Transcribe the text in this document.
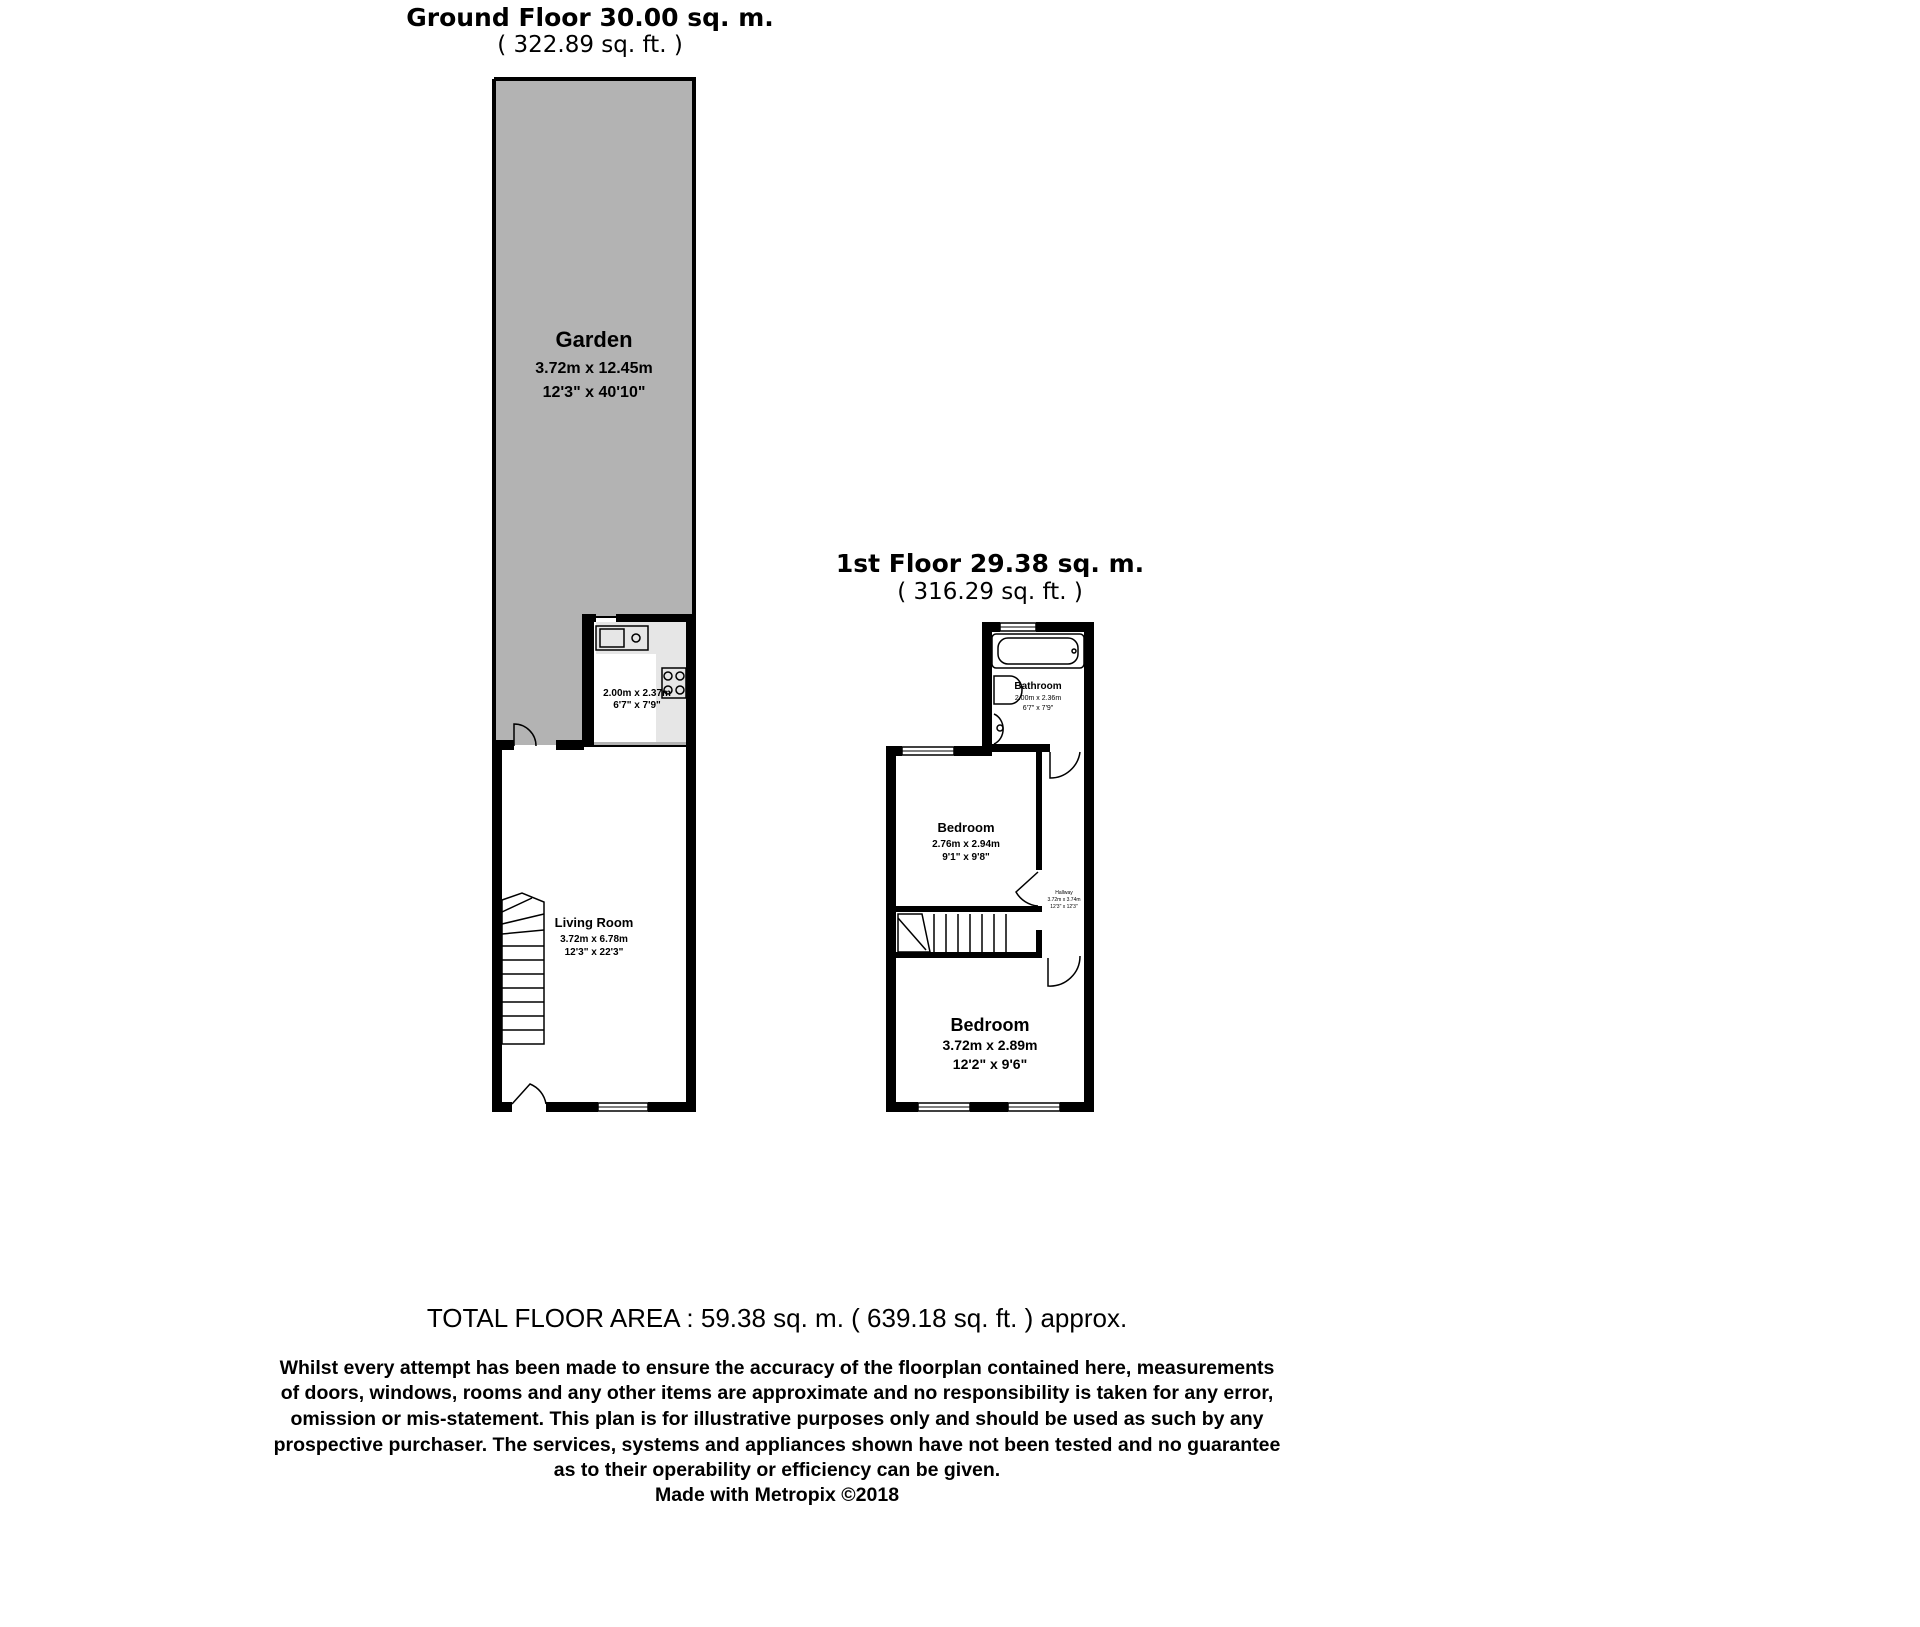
Ground Floor 30.00 sq. m.
( 322.89 sq. ft. )
2.00m x 2.37m
6'7" x 7'9"
Living Room
3.72m x 6.78m
12'3" x 22'3"
Garden
3.72m x 12.45m
12'3" x 40'10"
1st Floor 29.38 sq. m.
( 316.29 sq. ft. )
Bathroom
2.00m x 2.36m
6'7" x 7'9"
Bedroom
2.76m x 2.94m
9'1" x 9'8"
Hallway
3.72m x 3.74m
12'3" x 12'3"
Bedroom
3.72m x 2.89m
12'2" x 9'6"
TOTAL FLOOR AREA : 59.38 sq. m. ( 639.18 sq. ft. ) approx.
Whilst every attempt has been made to ensure the accuracy of the floorplan contained here, measurements
of doors, windows, rooms and any other items are approximate and no responsibility is taken for any error,
omission or mis-statement. This plan is for illustrative purposes only and should be used as such by any
prospective purchaser. The services, systems and appliances shown have not been tested and no guarantee
as to their operability or efficiency can be given.
Made with Metropix ©2018
